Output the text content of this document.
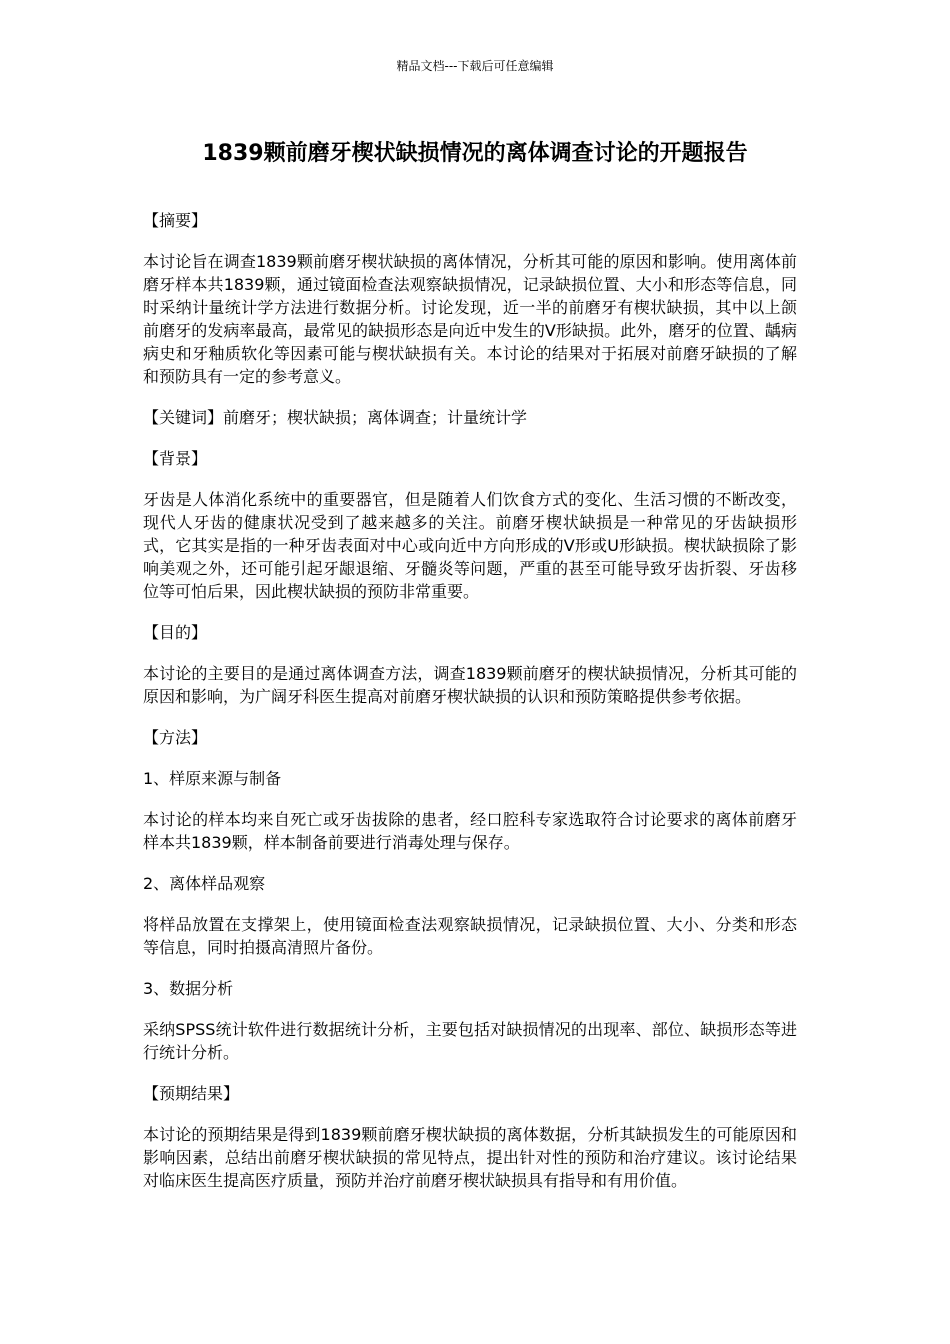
精品文档---下载后可任意编辑
1839颗前磨牙楔状缺损情况的离体调查讨论的开题报告
【摘要】
本讨论旨在调查1839颗前磨牙楔状缺损的离体情况，分析其可能的原因和影响。使用离体前磨牙样本共1839颗，通过镜面检查法观察缺损情况，记录缺损位置、大小和形态等信息，同时采纳计量统计学方法进行数据分析。讨论发现，近一半的前磨牙有楔状缺损，其中以上颌前磨牙的发病率最高，最常见的缺损形态是向近中发生的V形缺损。此外，磨牙的位置、龋病病史和牙釉质软化等因素可能与楔状缺损有关。本讨论的结果对于拓展对前磨牙缺损的了解和预防具有一定的参考意义。
【关键词】前磨牙；楔状缺损；离体调查；计量统计学
【背景】
牙齿是人体消化系统中的重要器官，但是随着人们饮食方式的变化、生活习惯的不断改变，现代人牙齿的健康状况受到了越来越多的关注。前磨牙楔状缺损是一种常见的牙齿缺损形式，它其实是指的一种牙齿表面对中心或向近中方向形成的V形或U形缺损。楔状缺损除了影响美观之外，还可能引起牙龈退缩、牙髓炎等问题，严重的甚至可能导致牙齿折裂、牙齿移位等可怕后果，因此楔状缺损的预防非常重要。
【目的】
本讨论的主要目的是通过离体调查方法，调查1839颗前磨牙的楔状缺损情况，分析其可能的原因和影响，为广阔牙科医生提高对前磨牙楔状缺损的认识和预防策略提供参考依据。
【方法】
1、样原来源与制备
本讨论的样本均来自死亡或牙齿拔除的患者，经口腔科专家选取符合讨论要求的离体前磨牙样本共1839颗，样本制备前要进行消毒处理与保存。
2、离体样品观察
将样品放置在支撑架上，使用镜面检查法观察缺损情况，记录缺损位置、大小、分类和形态等信息，同时拍摄高清照片备份。
3、数据分析
采纳SPSS统计软件进行数据统计分析，主要包括对缺损情况的出现率、部位、缺损形态等进行统计分析。
【预期结果】
本讨论的预期结果是得到1839颗前磨牙楔状缺损的离体数据，分析其缺损发生的可能原因和影响因素，总结出前磨牙楔状缺损的常见特点，提出针对性的预防和治疗建议。该讨论结果对临床医生提高医疗质量，预防并治疗前磨牙楔状缺损具有指导和有用价值。
